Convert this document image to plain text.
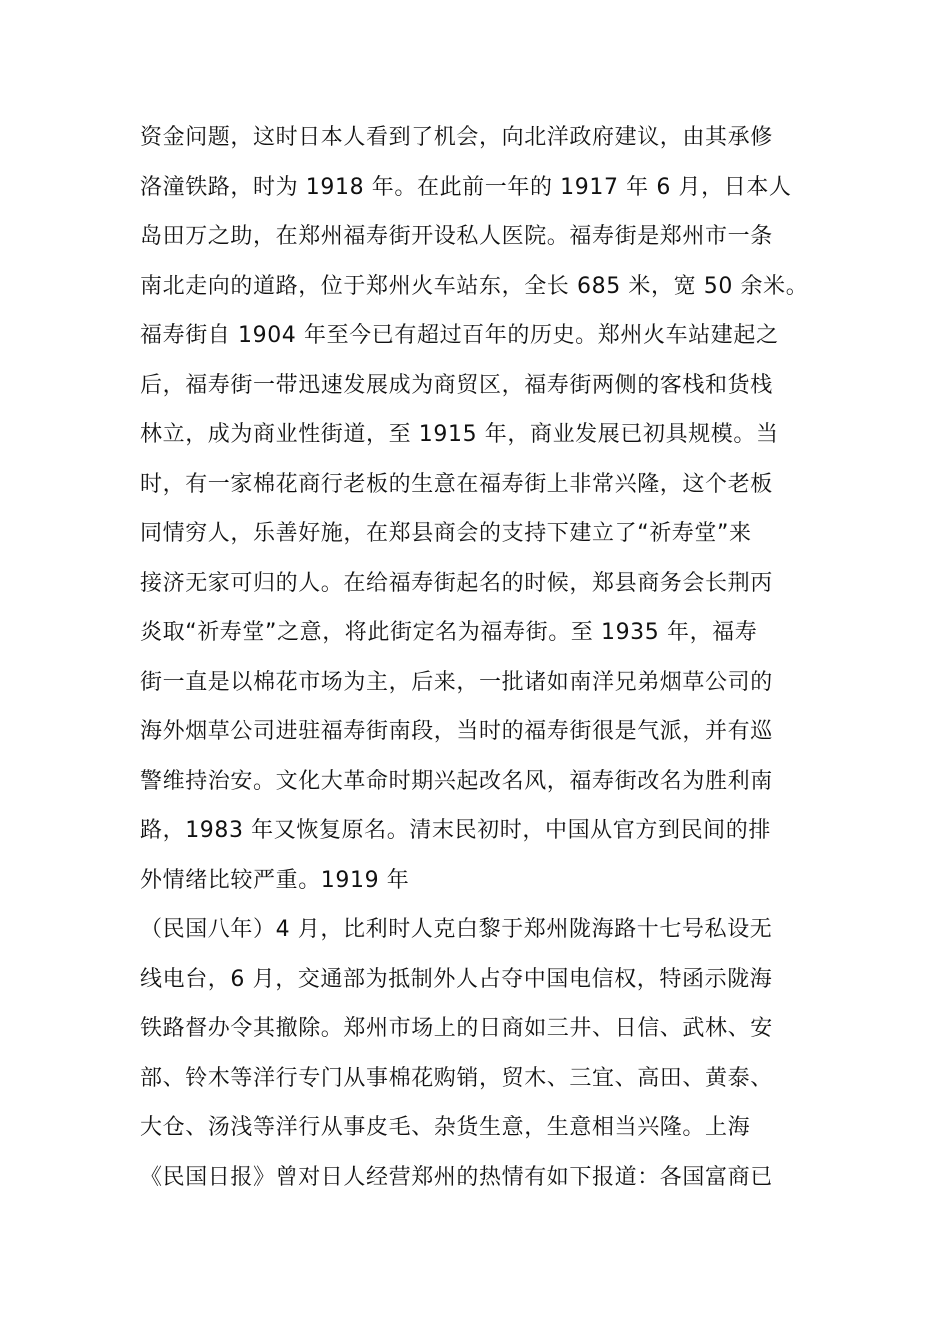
资金问题，这时日本人看到了机会，向北洋政府建议，由其承修
洛潼铁路，时为 1918 年。在此前一年的 1917 年 6 月，日本人
岛田万之助，在郑州福寿街开设私人医院。福寿街是郑州市一条
南北走向的道路，位于郑州火车站东，全长 685 米，宽 50 余米。
福寿街自 1904 年至今已有超过百年的历史。郑州火车站建起之
后，福寿街一带迅速发展成为商贸区，福寿街两侧的客栈和货栈
林立，成为商业性街道，至 1915 年，商业发展已初具规模。当
时，有一家棉花商行老板的生意在福寿街上非常兴隆，这个老板
同情穷人，乐善好施，在郑县商会的支持下建立了“祈寿堂”来
接济无家可归的人。在给福寿街起名的时候，郑县商务会长荆丙
炎取“祈寿堂”之意，将此街定名为福寿街。至 1935 年，福寿
街一直是以棉花市场为主，后来，一批诸如南洋兄弟烟草公司的
海外烟草公司进驻福寿街南段，当时的福寿街很是气派，并有巡
警维持治安。文化大革命时期兴起改名风，福寿街改名为胜利南
路，1983 年又恢复原名。清末民初时，中国从官方到民间的排
外情绪比较严重。1919 年
（民国八年）4 月，比利时人克白黎于郑州陇海路十七号私设无
线电台，6 月，交通部为抵制外人占夺中国电信权，特函示陇海
铁路督办令其撤除。郑州市场上的日商如三井、日信、武林、安
部、铃木等洋行专门从事棉花购销，贸木、三宜、高田、黄泰、
大仓、汤浅等洋行从事皮毛、杂货生意，生意相当兴隆。上海
《民国日报》曾对日人经营郑州的热情有如下报道：各国富商已
